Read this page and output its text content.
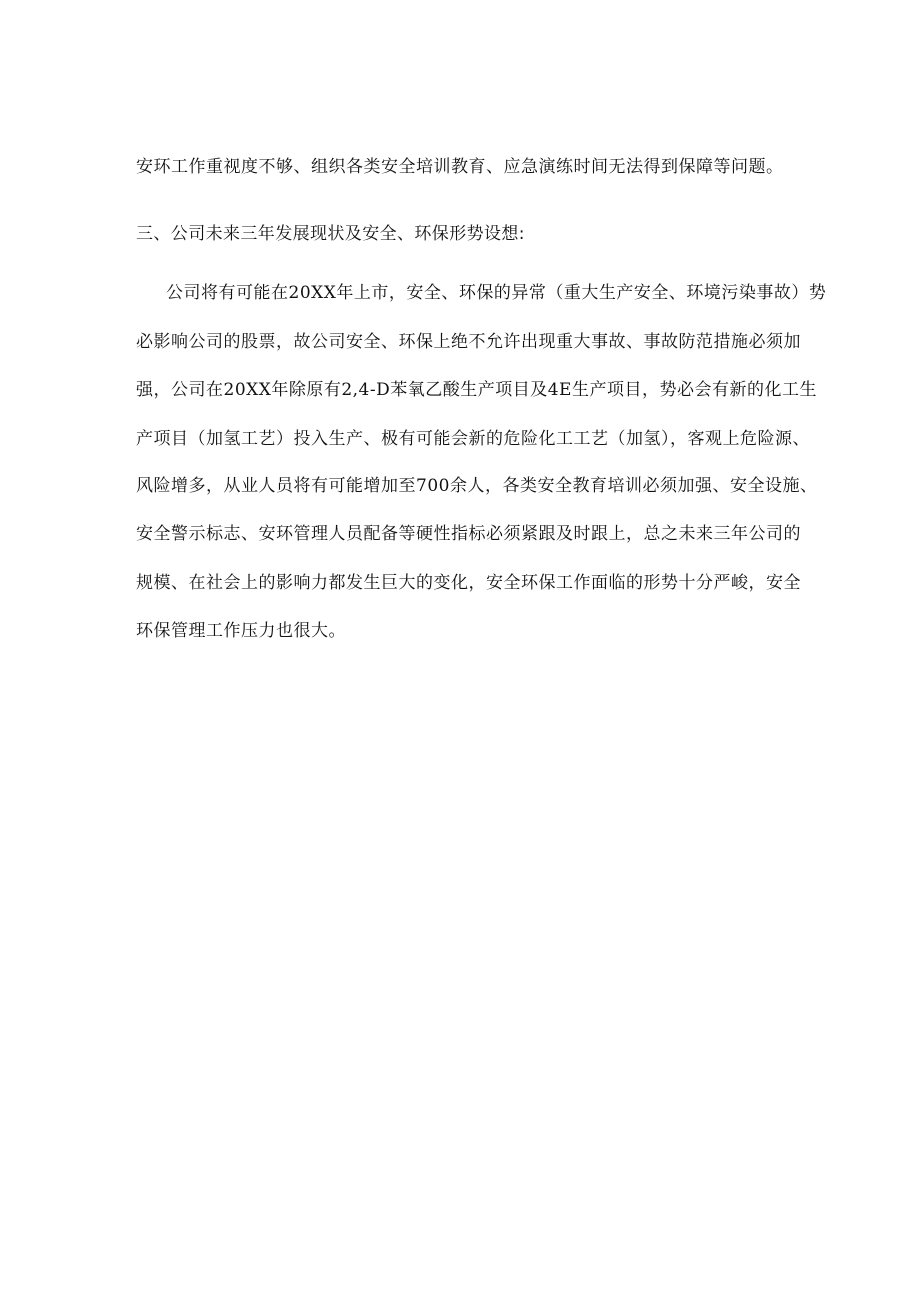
安环工作重视度不够、组织各类安全培训教育、应急演练时间无法得到保障等问题。
三、公司未来三年发展现状及安全、环保形势设想:
公司将有可能在20XX年上市，安全、环保的异常（重大生产安全、环境污染事故）势
必影响公司的股票，故公司安全、环保上绝不允许出现重大事故、事故防范措施必须加
强，公司在20XX年除原有2,4-D苯氧乙酸生产项目及4E生产项目，势必会有新的化工生
产项目（加氢工艺）投入生产、极有可能会新的危险化工工艺（加氢），客观上危险源、
风险增多，从业人员将有可能增加至700余人，各类安全教育培训必须加强、安全设施、
安全警示标志、安环管理人员配备等硬性指标必须紧跟及时跟上，总之未来三年公司的
规模、在社会上的影响力都发生巨大的变化，安全环保工作面临的形势十分严峻，安全
环保管理工作压力也很大。
